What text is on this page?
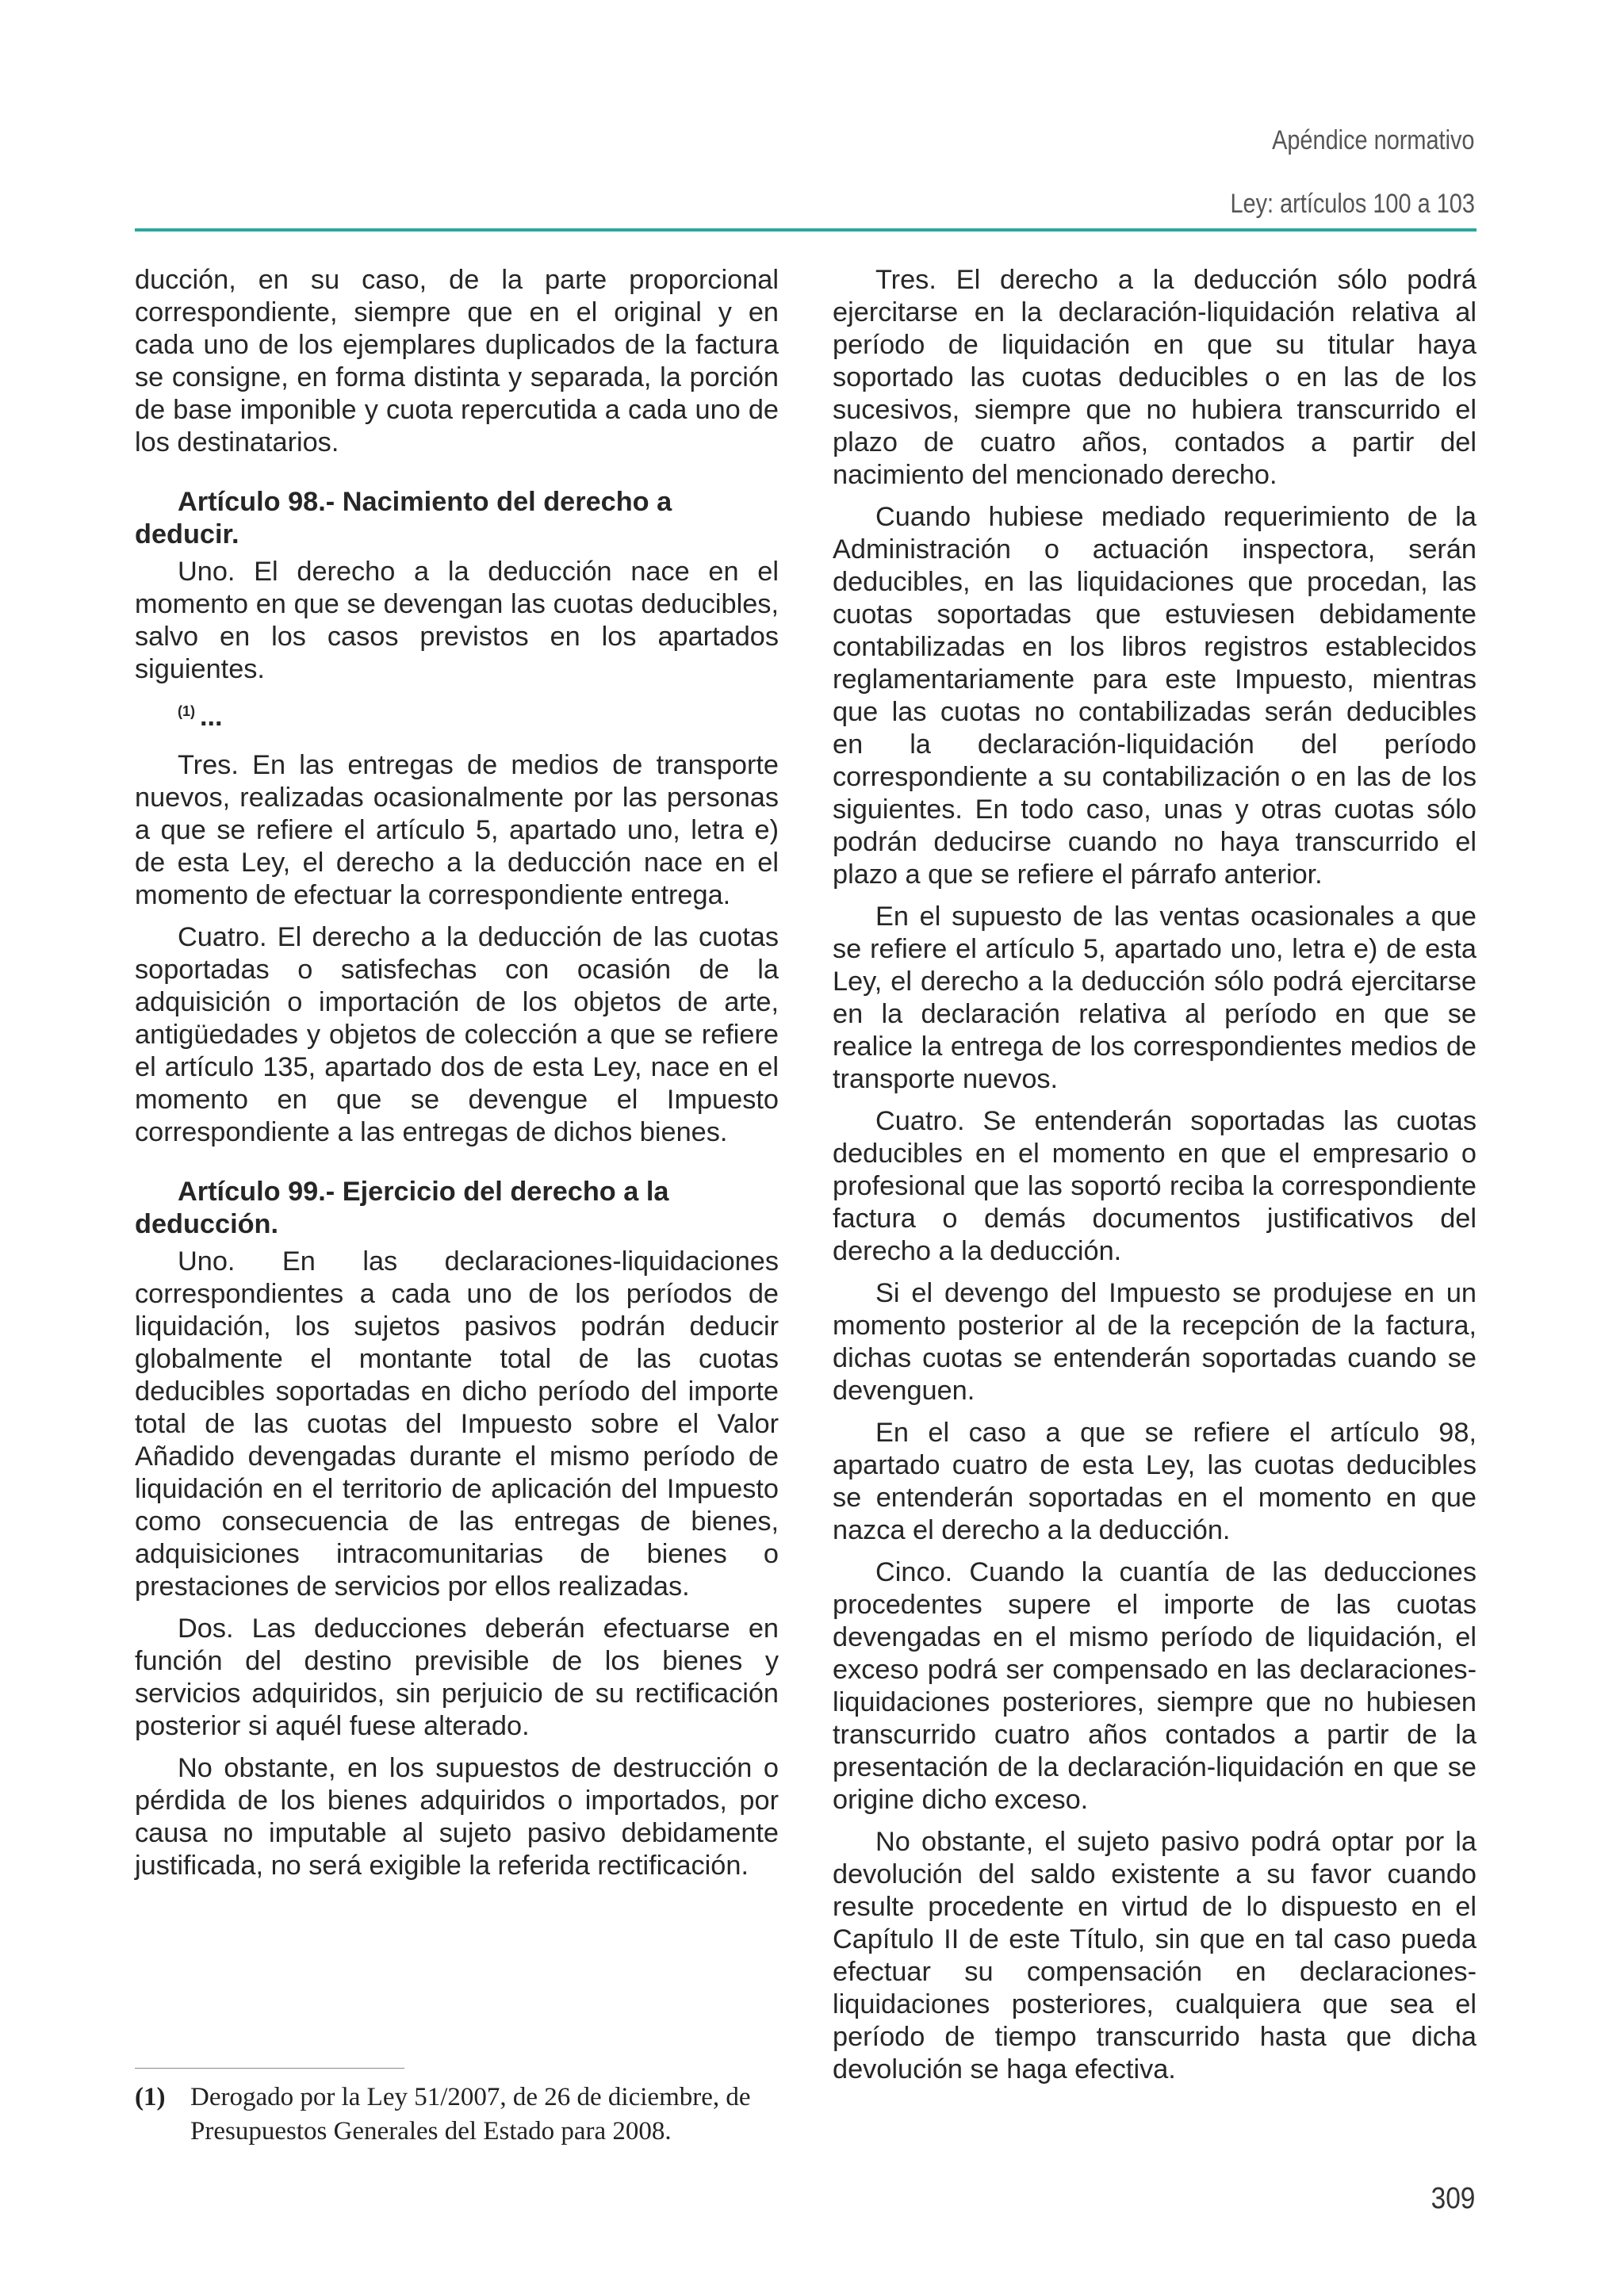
Apéndice normativo
Ley: artículos 100 a 103

ducción, en su caso, de la parte proporcional correspondiente, siempre que en el original y en cada uno de los ejemplares duplicados de la factura se consigne, en forma distinta y separada, la porción de base imponible y cuota repercutida a cada uno de los destinatarios.

Artículo 98.- Nacimiento del derecho a deducir.

Uno. El derecho a la deducción nace en el momento en que se devengan las cuotas deducibles, salvo en los casos previstos en los apartados siguientes.

$^{(1)}$ ...

Tres. En las entregas de medios de transporte nuevos, realizadas ocasionalmente por las personas a que se refiere el artículo 5, apartado uno, letra e) de esta Ley, el derecho a la deducción nace en el momento de efectuar la correspondiente entrega.

Cuatro. El derecho a la deducción de las cuotas soportadas o satisfechas con ocasión de la adquisición o importación de los objetos de arte, antigüedades y objetos de colección a que se refiere el artículo 135, apartado dos de esta Ley, nace en el momento en que se devengue el Impuesto correspondiente a las entregas de dichos bienes.

Artículo 99.- Ejercicio del derecho a la deducción.

Uno. En las declaraciones-liquidaciones correspondientes a cada uno de los períodos de liquidación, los sujetos pasivos podrán deducir globalmente el montante total de las cuotas deducibles soportadas en dicho período del importe total de las cuotas del Impuesto sobre el Valor Añadido devengadas durante el mismo período de liquidación en el territorio de aplicación del Impuesto como consecuencia de las entregas de bienes, adquisiciones intracomunitarias de bienes o prestaciones de servicios por ellos realizadas.

Dos. Las deducciones deberán efectuarse en función del destino previsible de los bienes y servicios adquiridos, sin perjuicio de su rectificación posterior si aquél fuese alterado.

No obstante, en los supuestos de destrucción o pérdida de los bienes adquiridos o importados, por causa no imputable al sujeto pasivo debidamente justificada, no será exigible la referida rectificación.

Tres. El derecho a la deducción sólo podrá ejercitarse en la declaración-liquidación relativa al período de liquidación en que su titular haya soportado las cuotas deducibles o en las de los sucesivos, siempre que no hubiera transcurrido el plazo de cuatro años, contados a partir del nacimiento del mencionado derecho.

Cuando hubiese mediado requerimiento de la Administración o actuación inspectora, serán deducibles, en las liquidaciones que procedan, las cuotas soportadas que estuviesen debidamente contabilizadas en los libros registros establecidos reglamentariamente para este Impuesto, mientras que las cuotas no contabilizadas serán deducibles en la declaración-liquidación del período correspondiente a su contabilización o en las de los siguientes. En todo caso, unas y otras cuotas sólo podrán deducirse cuando no haya transcurrido el plazo a que se refiere el párrafo anterior.

En el supuesto de las ventas ocasionales a que se refiere el artículo 5, apartado uno, letra e) de esta Ley, el derecho a la deducción sólo podrá ejercitarse en la declaración relativa al período en que se realice la entrega de los correspondientes medios de transporte nuevos.

Cuatro. Se entenderán soportadas las cuotas deducibles en el momento en que el empresario o profesional que las soportó reciba la correspondiente factura o demás documentos justificativos del derecho a la deducción.

Si el devengo del Impuesto se produjese en un momento posterior al de la recepción de la factura, dichas cuotas se entenderán soportadas cuando se devenguen.

En el caso a que se refiere el artículo 98, apartado cuatro de esta Ley, las cuotas deducibles se entenderán soportadas en el momento en que nazca el derecho a la deducción.

Cinco. Cuando la cuantía de las deducciones procedentes supere el importe de las cuotas devengadas en el mismo período de liquidación, el exceso podrá ser compensado en las declaraciones-liquidaciones posteriores, siempre que no hubiesen transcurrido cuatro años contados a partir de la presentación de la declaración-liquidación en que se origine dicho exceso.

No obstante, el sujeto pasivo podrá optar por la devolución del saldo existente a su favor cuando resulte procedente en virtud de lo dispuesto en el Capítulo II de este Título, sin que en tal caso pueda efectuar su compensación en declaraciones-liquidaciones posteriores, cualquiera que sea el período de tiempo transcurrido hasta que dicha devolución se haga efectiva.

(1) Derogado por la Ley 51/2007, de 26 de diciembre, de Presupuestos Generales del Estado para 2008.
309
